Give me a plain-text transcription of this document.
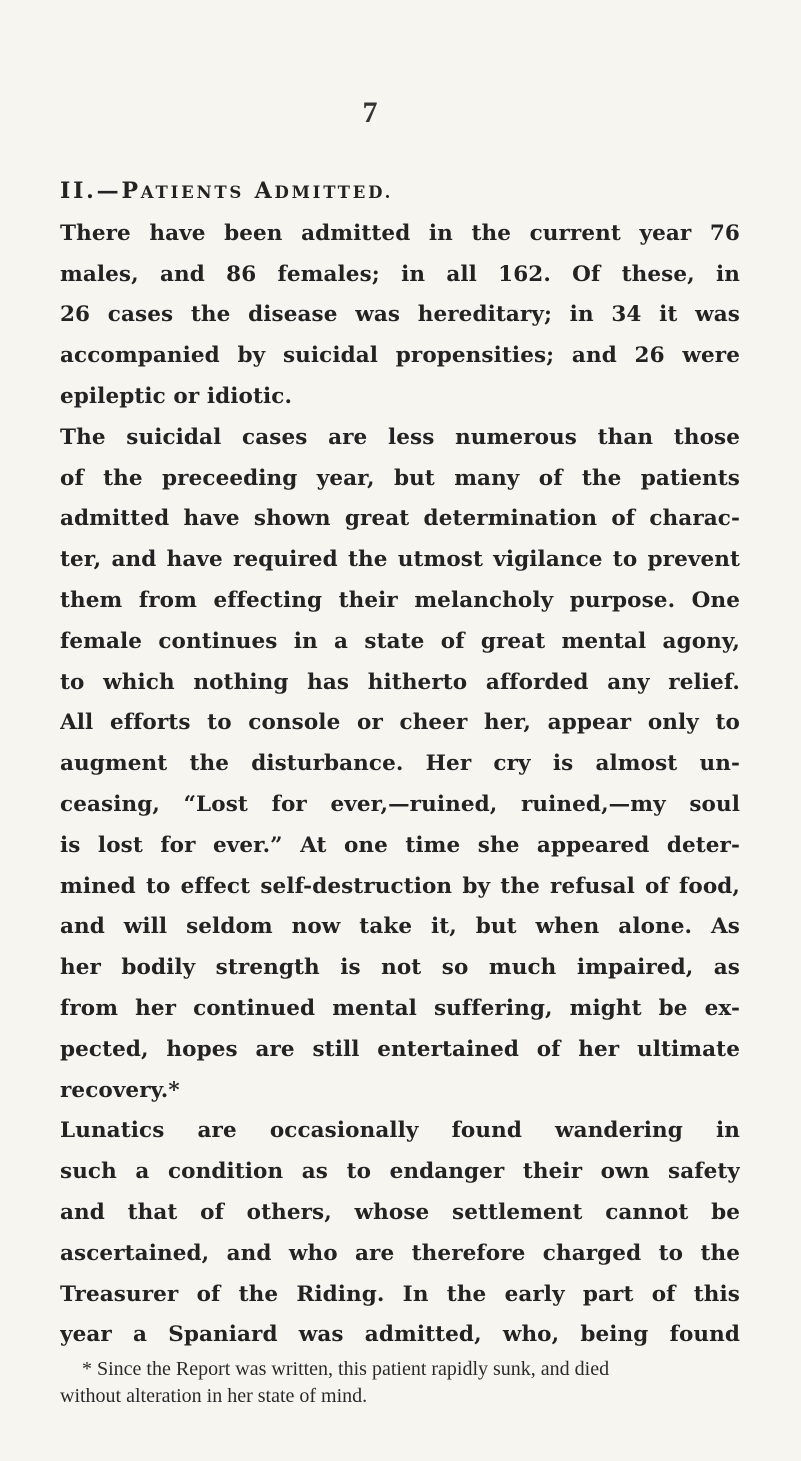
7
II.—PATIENTS ADMITTED.
There have been admitted in the current year 76
males, and 86 females; in all 162. Of these, in
26 cases the disease was hereditary; in 34 it was
accompanied by suicidal propensities; and 26 were
epileptic or idiotic.
The suicidal cases are less numerous than those
of the preceeding year, but many of the patients
admitted have shown great determination of charac-
ter, and have required the utmost vigilance to prevent
them from effecting their melancholy purpose. One
female continues in a state of great mental agony,
to which nothing has hitherto afforded any relief.
All efforts to console or cheer her, appear only to
augment the disturbance. Her cry is almost un-
ceasing, “Lost for ever,—ruined, ruined,—my soul
is lost for ever.” At one time she appeared deter-
mined to effect self-destruction by the refusal of food,
and will seldom now take it, but when alone. As
her bodily strength is not so much impaired, as
from her continued mental suffering, might be ex-
pected, hopes are still entertained of her ultimate
recovery.*
Lunatics are occasionally found wandering in
such a condition as to endanger their own safety
and that of others, whose settlement cannot be
ascertained, and who are therefore charged to the
Treasurer of the Riding. In the early part of this
year a Spaniard was admitted, who, being found
* Since the Report was written, this patient rapidly sunk, and died
without alteration in her state of mind.
